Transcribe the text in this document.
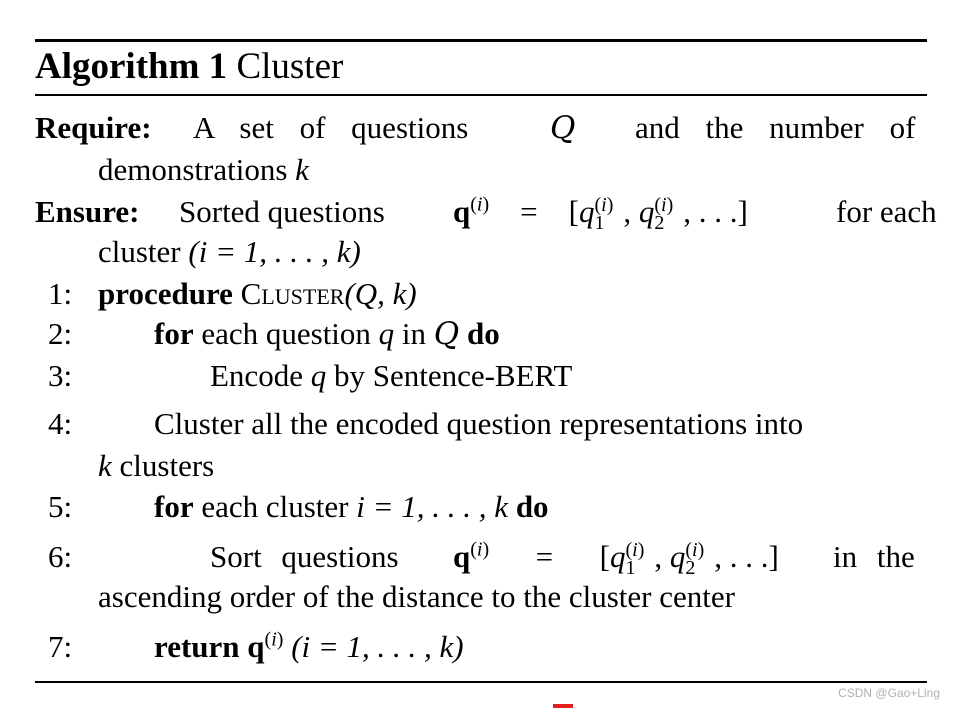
Algorithm 1 Cluster
Require: A set of questions	Q and the number of
demonstrations k
Ensure: Sorted questions $q^{(i)}$ = [$q_1^{(i)}$ , $q_2^{(i)}$ , . . .]	for each
cluster (i = 1, . . . , k)
1: procedure Cluster(Q, k)
2:	for each question q in Q do
3:	Encode q by Sentence-BERT
4:	Cluster all the encoded question representations into
k clusters
5:	for each cluster i = 1, . . . , k do
6:	Sort questions $q^{(i)}$  =  [$q_1^{(i)}$ , $q_2^{(i)}$ , . . .] in the
ascending order of the distance to the cluster center
7:	return $q^{(i)}$ (i = 1, . . . , k)
CSDN @Gao+Ling
